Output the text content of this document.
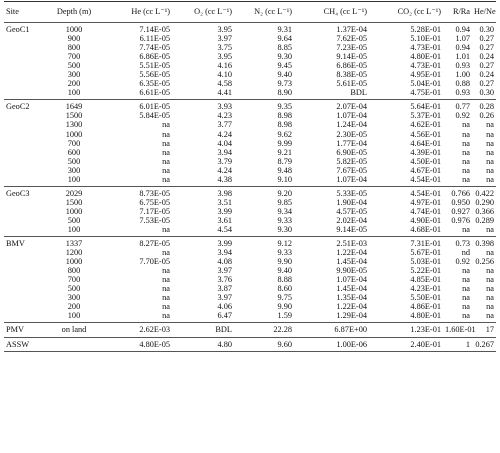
Site	Depth (m)	He (cc L⁻¹)	O₂ (cc L⁻¹)	N₂ (cc L⁻¹)	CH₄ (cc L⁻¹)	CO₂ (cc L⁻¹)	R/Ra	He/Ne
GeoC1	1000	7.14E-05	3.95	9.31	1.37E-04	5.28E-01	0.94	0.30
	900	6.11E-05	3.97	9.64	7.62E-05	5.10E-01	1.07	0.27
	800	7.74E-05	3.75	8.85	7.23E-05	4.73E-01	0.94	0.27
	700	6.86E-05	3.95	9.30	9.14E-05	4.80E-01	1.01	0.24
	500	5.51E-05	4.16	9.45	6.86E-05	4.73E-01	0.93	0.27
	300	5.56E-05	4.10	9.40	8.38E-05	4.95E-01	1.00	0.24
	200	6.35E-05	4.58	9.73	5.61E-05	5.04E-01	0.88	0.27
	100	6.61E-05	4.41	8.90	BDL	4.75E-01	0.93	0.30
GeoC2	1649	6.01E-05	3.93	9.35	2.07E-04	5.64E-01	0.77	0.28
	1500	5.84E-05	4.23	8.98	1.07E-04	5.37E-01	0.92	0.26
	1300	na	3.77	8.98	1.24E-04	4.62E-01	na	na
	1000	na	4.24	9.62	2.30E-05	4.56E-01	na	na
	700	na	4.04	9.99	1.77E-04	4.64E-01	na	na
	600	na	3.94	9.21	6.90E-05	4.39E-01	na	na
	500	na	3.79	8.79	5.82E-05	4.50E-01	na	na
	300	na	4.24	9.48	7.67E-05	4.67E-01	na	na
	100	na	4.38	9.10	1.07E-04	4.54E-01	na	na
GeoC3	2029	8.73E-05	3.98	9.20	5.33E-05	4.54E-01	0.766	0.422
	1500	6.75E-05	3.51	9.85	1.90E-04	4.97E-01	0.950	0.290
	1000	7.17E-05	3.99	9.34	4.57E-05	4.74E-01	0.927	0.366
	500	7.53E-05	3.61	9.33	2.02E-04	4.90E-01	0.976	0.289
	100	na	4.54	9.30	9.14E-05	4.68E-01	na	na
BMV	1337	8.27E-05	3.99	9.12	2.51E-03	7.31E-01	0.73	0.398
	1200	na	3.94	9.33	1.22E-04	5.67E-01	nd	na
	1000	7.70E-05	4.08	9.90	1.45E-04	5.03E-01	0.92	0.256
	800	na	3.97	9.40	9.90E-05	5.22E-01	na	na
	700	na	3.76	8.88	1.07E-04	4.85E-01	na	na
	500	na	3.87	8.60	1.45E-04	4.23E-01	na	na
	300	na	3.97	9.75	1.35E-04	5.50E-01	na	na
	200	na	4.06	9.90	1.22E-04	4.86E-01	na	na
	100	na	6.47	1.59	1.29E-04	4.80E-01	na	na
PMV	on land	2.62E-03	BDL	22.28	6.87E+00	1.23E-01	1.60E-01	17
ASSW		4.80E-05	4.80	9.60	1.00E-06	2.40E-01	1	0.267
